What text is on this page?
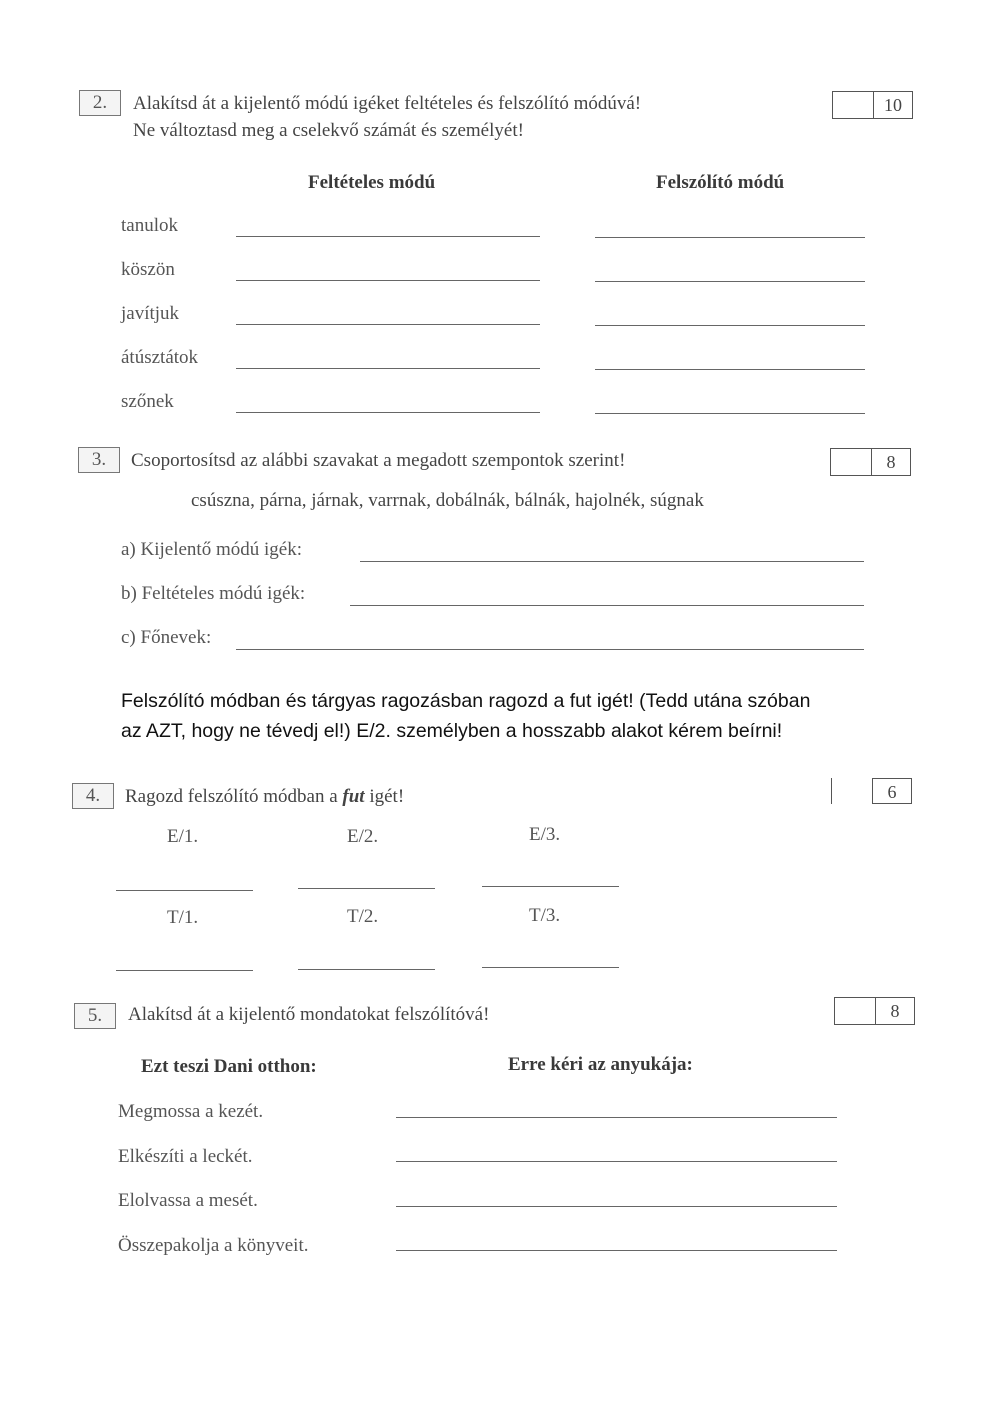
2.	Alakítsd át a kijelentő módú igéket feltételes és felszólító módúvá!
Ne változtasd meg a cselekvő számát és személyét!
10
Feltételes módú	Felszólító módú
tanulok
köszön
javítjuk
átúsztátok
szőnek
3.	Csoportosítsd az alábbi szavakat a megadott szempontok szerint!	8
csúszna, párna, járnak, varrnak, dobálnák, bálnák, hajolnék, súgnak
a) Kijelentő módú igék:
b) Feltételes módú igék:
c) Főnevek:
Felszólító módban és tárgyas ragozásban ragozd a fut igét! (Tedd utána szóban
az AZT, hogy ne tévedj el!) E/2. személyben a hosszabb alakot kérem beírni!
4.	Ragozd felszólító módban a fut igét!	6
E/1.	E/2.	E/3.
T/1.	T/2.	T/3.
5.	Alakítsd át a kijelentő mondatokat felszólítóvá!	8
Ezt teszi Dani otthon:	Erre kéri az anyukája:
Megmossa a kezét.
Elkészíti a leckét.
Elolvassa a mesét.
Összepakolja a könyveit.
